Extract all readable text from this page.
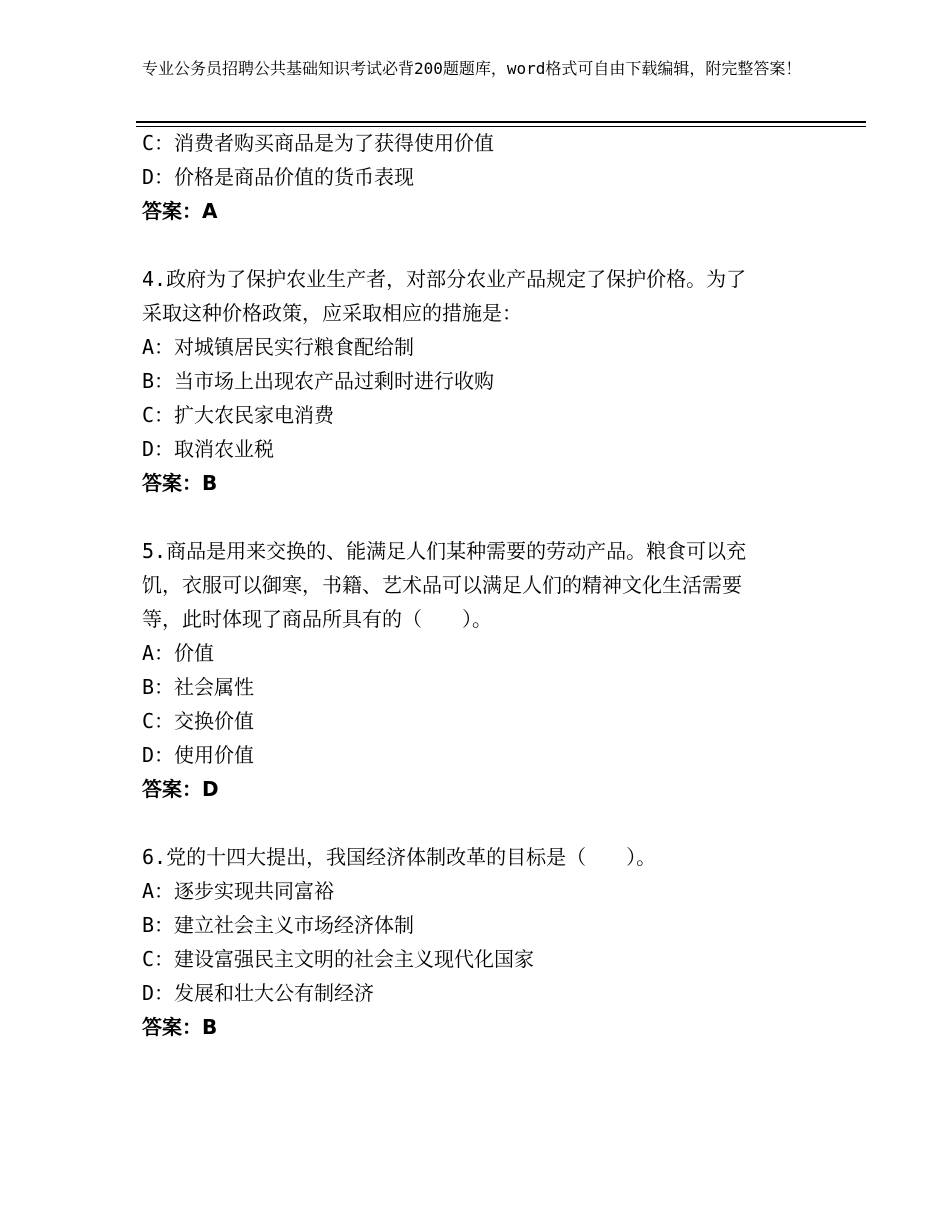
专业公务员招聘公共基础知识考试必背200题题库，word格式可自由下载编辑，附完整答案！
C：消费者购买商品是为了获得使用价值
D：价格是商品价值的货币表现
答案：A
4.政府为了保护农业生产者，对部分农业产品规定了保护价格。为了
采取这种价格政策，应采取相应的措施是：
A：对城镇居民实行粮食配给制
B：当市场上出现农产品过剩时进行收购
C：扩大农民家电消费
D：取消农业税
答案：B
5.商品是用来交换的、能满足人们某种需要的劳动产品。粮食可以充
饥，衣服可以御寒，书籍、艺术品可以满足人们的精神文化生活需要
等，此时体现了商品所具有的（　　）。
A：价值
B：社会属性
C：交换价值
D：使用价值
答案：D
6.党的十四大提出，我国经济体制改革的目标是（　　）。
A：逐步实现共同富裕
B：建立社会主义市场经济体制
C：建设富强民主文明的社会主义现代化国家
D：发展和壮大公有制经济
答案：B
